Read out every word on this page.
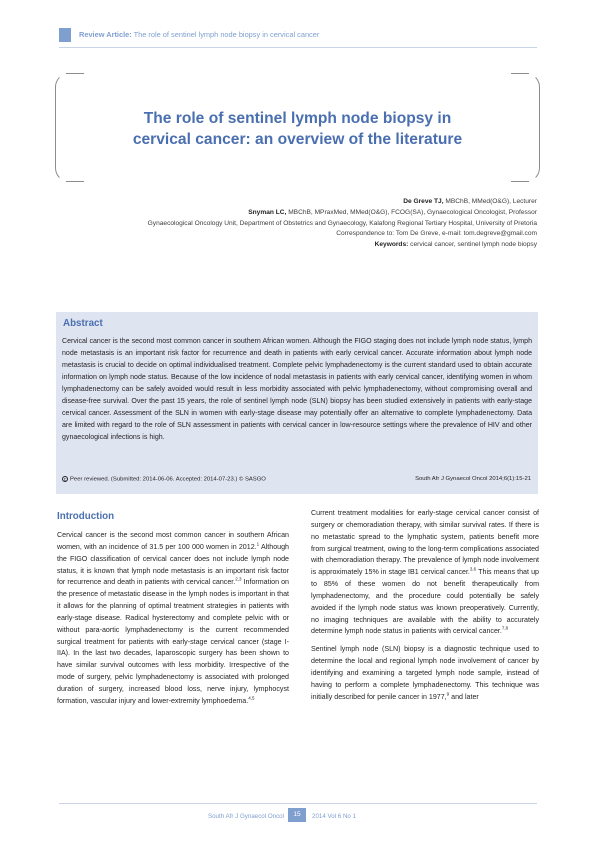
Review Article: The role of sentinel lymph node biopsy in cervical cancer
The role of sentinel lymph node biopsy in
cervical cancer: an overview of the literature
De Greve TJ, MBChB, MMed(O&G), Lecturer
Snyman LC, MBChB, MPraxMed, MMed(O&G), FCOG(SA), Gynaecological Oncologist, Professor
Gynaecological Oncology Unit, Department of Obstetrics and Gynaecology, Kalafong Regional Tertiary Hospital, University of Pretoria
Correspondence to: Tom De Greve, e-mail: tom.degreve@gmail.com
Keywords: cervical cancer, sentinel lymph node biopsy
Abstract
Cervical cancer is the second most common cancer in southern African women. Although the FIGO staging does not include lymph node status, lymph node metastasis is an important risk factor for recurrence and death in patients with early cervical cancer. Accurate information about lymph node metastasis is crucial to decide on optimal individualised treatment. Complete pelvic lymphadenectomy is the current standard used to obtain accurate information on lymph node status. Because of the low incidence of nodal metastasis in patients with early cervical cancer, identifying women in whom lymphadenectomy can be safely avoided would result in less morbidity associated with pelvic lymphadenectomy, without compromising overall and disease-free survival. Over the past 15 years, the role of sentinel lymph node (SLN) biopsy has been studied extensively in patients with early-stage cervical cancer. Assessment of the SLN in women with early-stage disease may potentially offer an alternative to complete lymphadenectomy. Data are limited with regard to the role of SLN assessment in patients with cervical cancer in low-resource settings where the prevalence of HIV and other gynaecological infections is high.
c Peer reviewed. (Submitted: 2014-06-06. Accepted: 2014-07-23.) © SASGO	South Afr J Gynaecol Oncol 2014;6(1):15-21
Introduction

Cervical cancer is the second most common cancer in southern African women, with an incidence of 31.5 per 100 000 women in 2012.$^1$ Although the FIGO classification of cervical cancer does not include lymph node status, it is known that lymph node metastasis is an important risk factor for recurrence and death in patients with cervical cancer.$^{2,3}$ Information on the presence of metastatic disease in the lymph nodes is important in that it allows for the planning of optimal treatment strategies in patients with early-stage disease. Radical hysterectomy and complete pelvic with or without para-aortic lymphadenectomy is the current recommended surgical treatment for patients with early-stage cervical cancer (stage I-IIA). In the last two decades, laparoscopic surgery has been shown to have similar survival outcomes with less morbidity. Irrespective of the mode of surgery, pelvic lymphadenectomy is associated with prolonged duration of surgery, increased blood loss, nerve injury, lymphocyst formation, vascular injury and lower-extremity lymphoedema.$^{4,5}$

Current treatment modalities for early-stage cervical cancer consist of surgery or chemoradiation therapy, with similar survival rates. If there is no metastatic spread to the lymphatic system, patients benefit more from surgical treatment, owing to the long-term complications associated with chemoradiation therapy. The prevalence of lymph node involvement is approximately 15% in stage IB1 cervical cancer.$^{3,6}$ This means that up to 85% of these women do not benefit therapeutically from lymphadenectomy, and the procedure could potentially be safely avoided if the lymph node status was known preoperatively. Currently, no imaging techniques are available with the ability to accurately determine lymph node status in patients with cervical cancer.$^{7,8}$

Sentinel lymph node (SLN) biopsy is a diagnostic technique used to determine the local and regional lymph node involvement of cancer by identifying and examining a targeted lymph node sample, instead of having to perform a complete lymphadenectomy. This technique was initially described for penile cancer in 1977,$^9$ and later

South Afr J Gynaecol Oncol	15	2014 Vol 6 No 1
